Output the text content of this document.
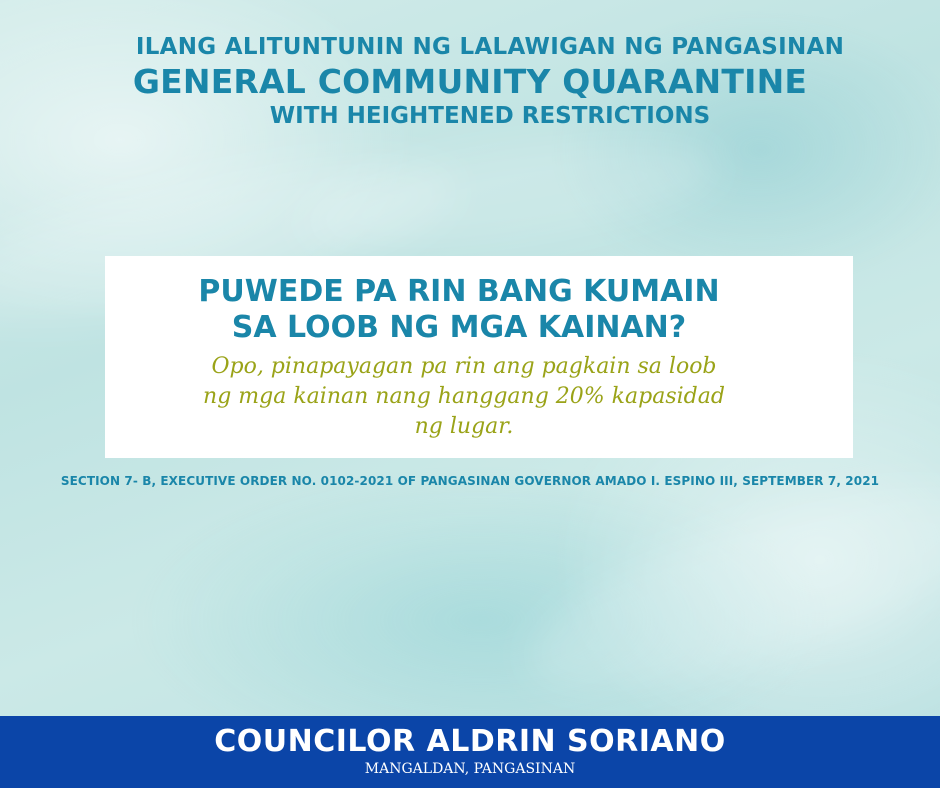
ILANG ALITUNTUNIN NG LALAWIGAN NG PANGASINAN
GENERAL COMMUNITY QUARANTINE
WITH HEIGHTENED RESTRICTIONS
PUWEDE PA RIN BANG KUMAIN
SA LOOB NG MGA KAINAN?
Opo, pinapayagan pa rin ang pagkain sa loob
ng mga kainan nang hanggang 20% kapasidad
ng lugar.
SECTION 7- B, EXECUTIVE ORDER NO. 0102-2021 OF PANGASINAN GOVERNOR AMADO I. ESPINO III, SEPTEMBER 7, 2021
COUNCILOR ALDRIN SORIANO
MANGALDAN, PANGASINAN
